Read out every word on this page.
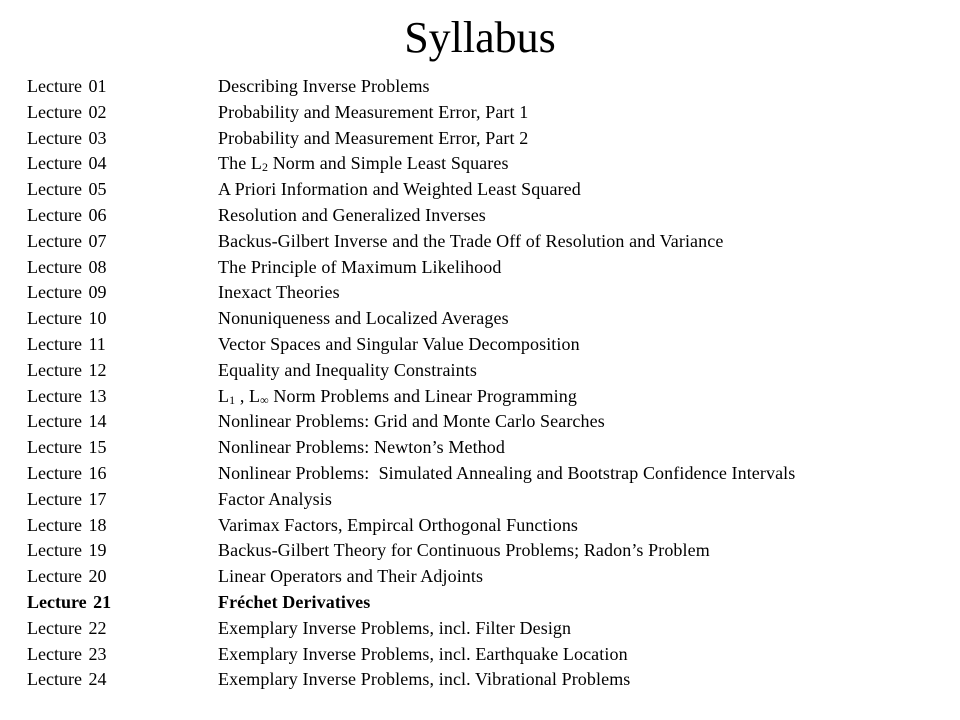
Syllabus
Lecture 01	Describing Inverse Problems
Lecture 02	Probability and Measurement Error, Part 1
Lecture 03	Probability and Measurement Error, Part 2
Lecture 04	The $L_2$ Norm and Simple Least Squares
Lecture 05	A Priori Information and Weighted Least Squared
Lecture 06	Resolution and Generalized Inverses
Lecture 07	Backus-Gilbert Inverse and the Trade Off of Resolution and Variance
Lecture 08	The Principle of Maximum Likelihood
Lecture 09	Inexact Theories
Lecture 10	Nonuniqueness and Localized Averages
Lecture 11	Vector Spaces and Singular Value Decomposition
Lecture 12	Equality and Inequality Constraints
Lecture 13	$L_1$ , $L_\infty$ Norm Problems and Linear Programming
Lecture 14	Nonlinear Problems: Grid and Monte Carlo Searches
Lecture 15	Nonlinear Problems: Newton’s Method
Lecture 16	Nonlinear Problems:  Simulated Annealing and Bootstrap Confidence Intervals
Lecture 17	Factor Analysis
Lecture 18	Varimax Factors, Empircal Orthogonal Functions
Lecture 19	Backus-Gilbert Theory for Continuous Problems; Radon’s Problem
Lecture 20	Linear Operators and Their Adjoints
Lecture 21	Fréchet Derivatives
Lecture 22	Exemplary Inverse Problems, incl. Filter Design
Lecture 23	Exemplary Inverse Problems, incl. Earthquake Location
Lecture 24	Exemplary Inverse Problems, incl. Vibrational Problems
